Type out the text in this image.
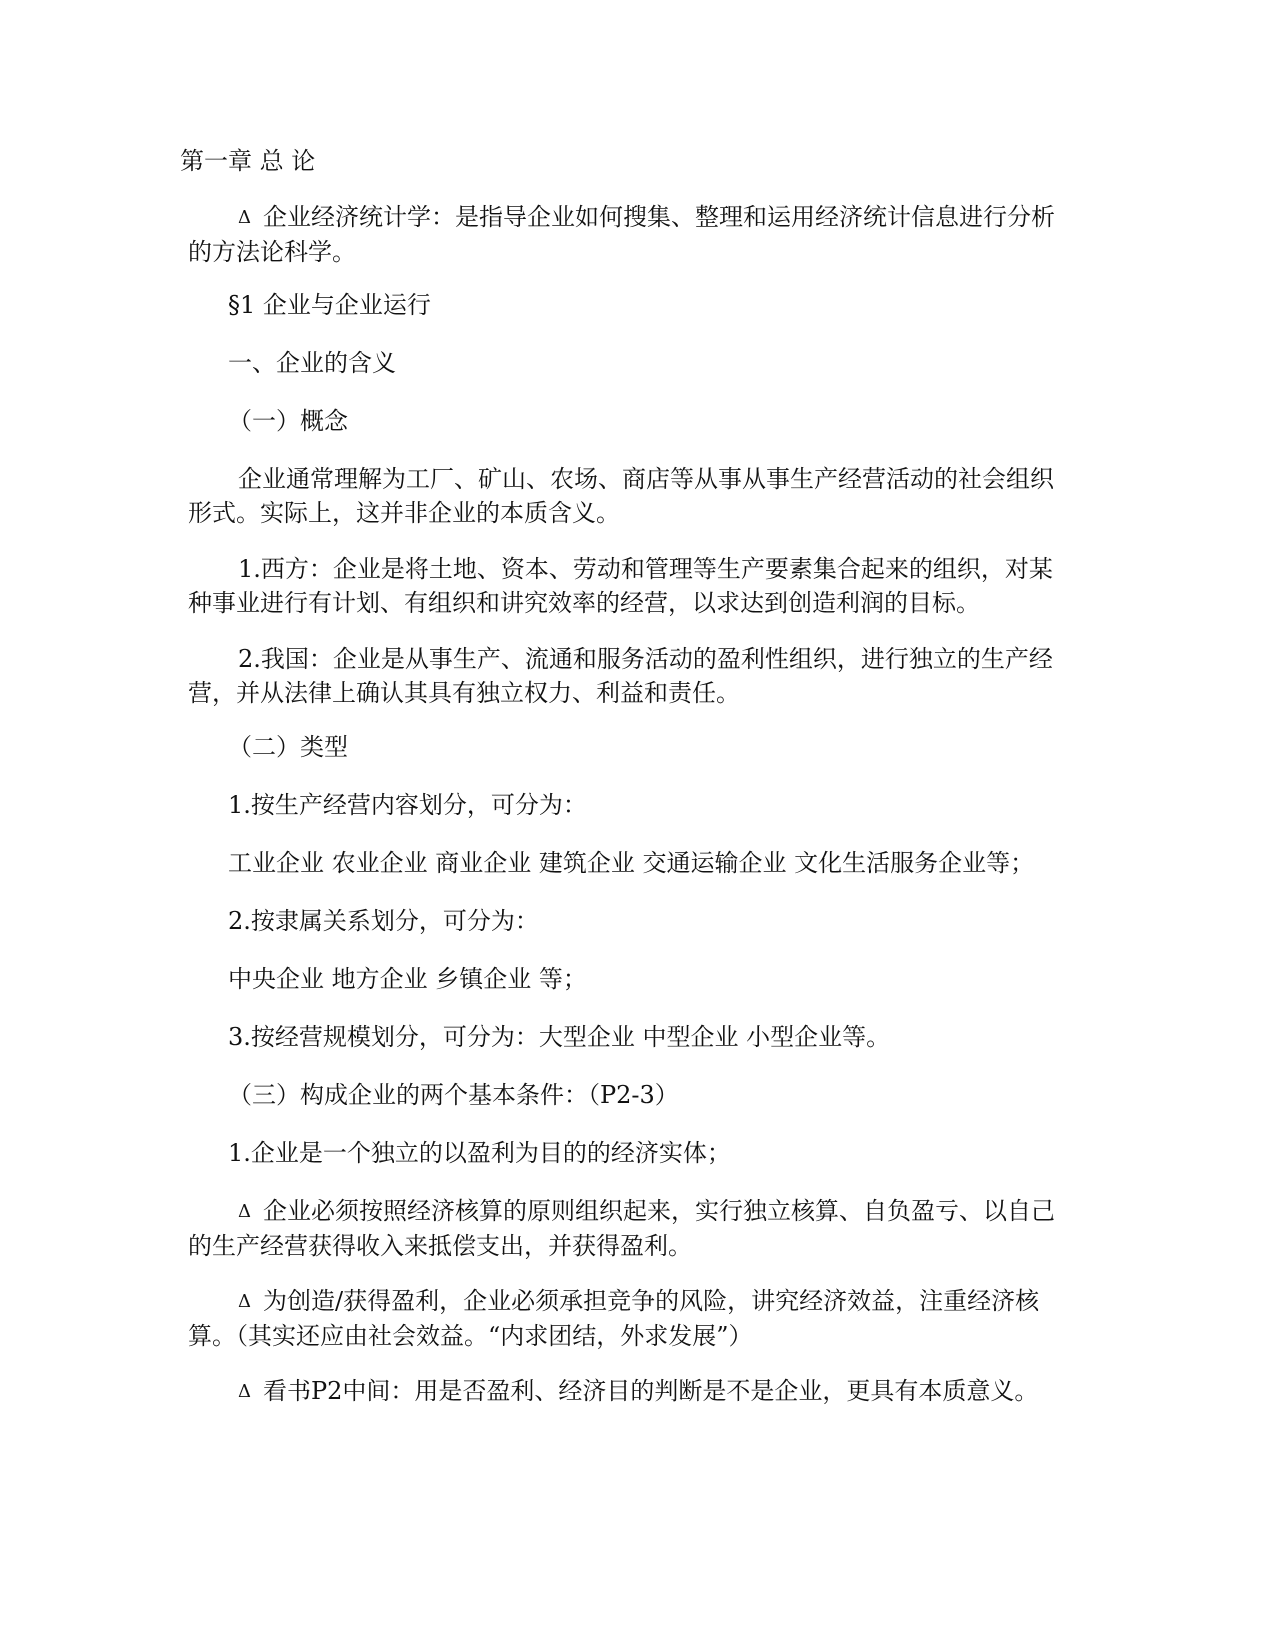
第一章 总 论
Δ 企业经济统计学：是指导企业如何搜集、整理和运用经济统计信息进行分析
的方法论科学。
§1 企业与企业运行
一、企业的含义
（一）概念
企业通常理解为工厂、矿山、农场、商店等从事从事生产经营活动的社会组织
形式。实际上，这并非企业的本质含义。
1.西方：企业是将土地、资本、劳动和管理等生产要素集合起来的组织，对某
种事业进行有计划、有组织和讲究效率的经营，以求达到创造利润的目标。
2.我国：企业是从事生产、流通和服务活动的盈利性组织，进行独立的生产经
营，并从法律上确认其具有独立权力、利益和责任。
（二）类型
1.按生产经营内容划分，可分为：
工业企业 农业企业 商业企业 建筑企业 交通运输企业 文化生活服务企业等；
2.按隶属关系划分，可分为：
中央企业 地方企业 乡镇企业 等；
3.按经营规模划分，可分为：大型企业 中型企业 小型企业等。
（三）构成企业的两个基本条件：（P2-3）
1.企业是一个独立的以盈利为目的的经济实体；
Δ 企业必须按照经济核算的原则组织起来，实行独立核算、自负盈亏、以自己
的生产经营获得收入来抵偿支出，并获得盈利。
Δ 为创造/获得盈利，企业必须承担竞争的风险，讲究经济效益，注重经济核
算。（其实还应由社会效益。“内求团结，外求发展”）
Δ 看书P2中间：用是否盈利、经济目的判断是不是企业，更具有本质意义。
